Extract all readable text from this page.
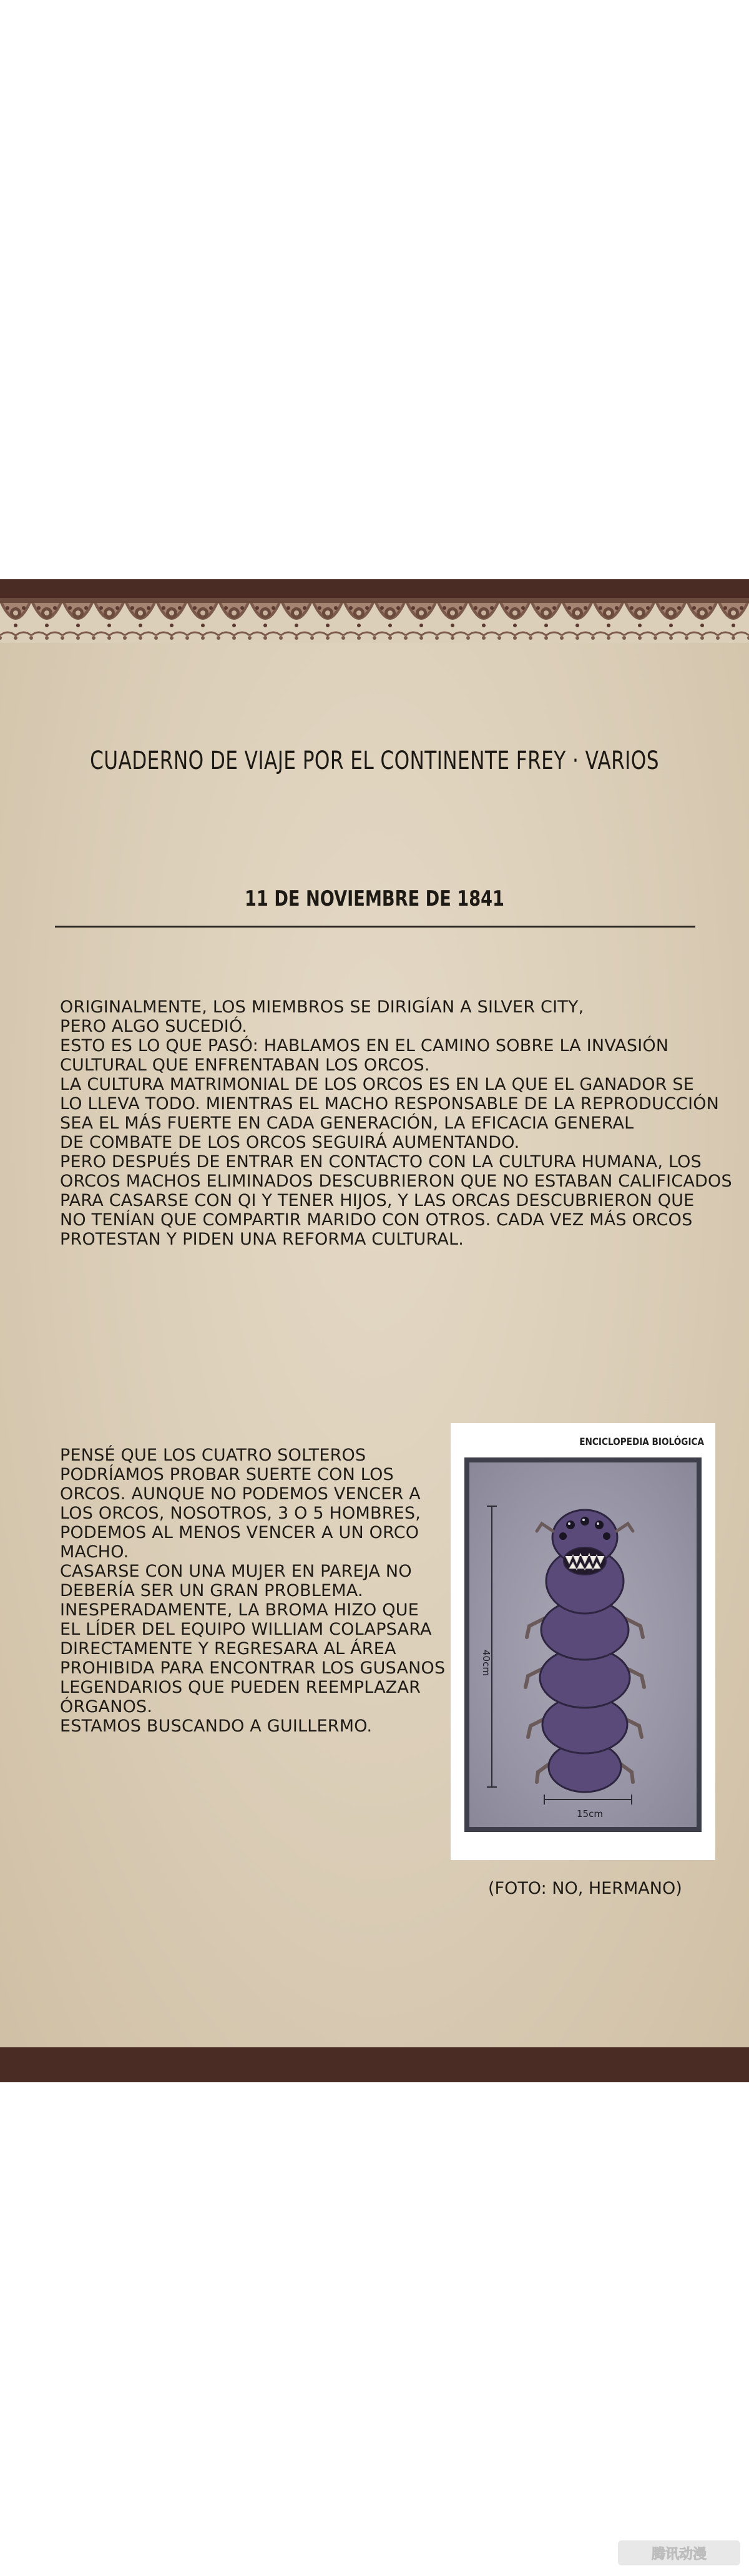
CUADERNO DE VIAJE POR EL CONTINENTE FREY · VARIOS
11 DE NOVIEMBRE DE 1841
ORIGINALMENTE, LOS MIEMBROS SE DIRIGÍAN A SILVER CITY,
PERO ALGO SUCEDIÓ.
ESTO ES LO QUE PASÓ: HABLAMOS EN EL CAMINO SOBRE LA INVASIÓN
CULTURAL QUE ENFRENTABAN LOS ORCOS.
LA CULTURA MATRIMONIAL DE LOS ORCOS ES EN LA QUE EL GANADOR SE
LO LLEVA TODO. MIENTRAS EL MACHO RESPONSABLE DE LA REPRODUCCIÓN
SEA EL MÁS FUERTE EN CADA GENERACIÓN, LA EFICACIA GENERAL
DE COMBATE DE LOS ORCOS SEGUIRÁ AUMENTANDO.
PERO DESPUÉS DE ENTRAR EN CONTACTO CON LA CULTURA HUMANA, LOS
ORCOS MACHOS ELIMINADOS DESCUBRIERON QUE NO ESTABAN CALIFICADOS
PARA CASARSE CON QI Y TENER HIJOS, Y LAS ORCAS DESCUBRIERON QUE
NO TENÍAN QUE COMPARTIR MARIDO CON OTROS. CADA VEZ MÁS ORCOS
PROTESTAN Y PIDEN UNA REFORMA CULTURAL.
PENSÉ QUE LOS CUATRO SOLTEROS
PODRÍAMOS PROBAR SUERTE CON LOS
ORCOS. AUNQUE NO PODEMOS VENCER A
LOS ORCOS, NOSOTROS, 3 O 5 HOMBRES,
PODEMOS AL MENOS VENCER A UN ORCO
MACHO.
CASARSE CON UNA MUJER EN PAREJA NO
DEBERÍA SER UN GRAN PROBLEMA.
INESPERADAMENTE, LA BROMA HIZO QUE
EL LÍDER DEL EQUIPO WILLIAM COLAPSARA
DIRECTAMENTE Y REGRESARA AL ÁREA
PROHIBIDA PARA ENCONTRAR LOS GUSANOS
LEGENDARIOS QUE PUEDEN REEMPLAZAR
ÓRGANOS.
ESTAMOS BUSCANDO A GUILLERMO.
ENCICLOPEDIA BIOLÓGICA
40cm
15cm
(FOTO: NO, HERMANO)
腾讯动漫
